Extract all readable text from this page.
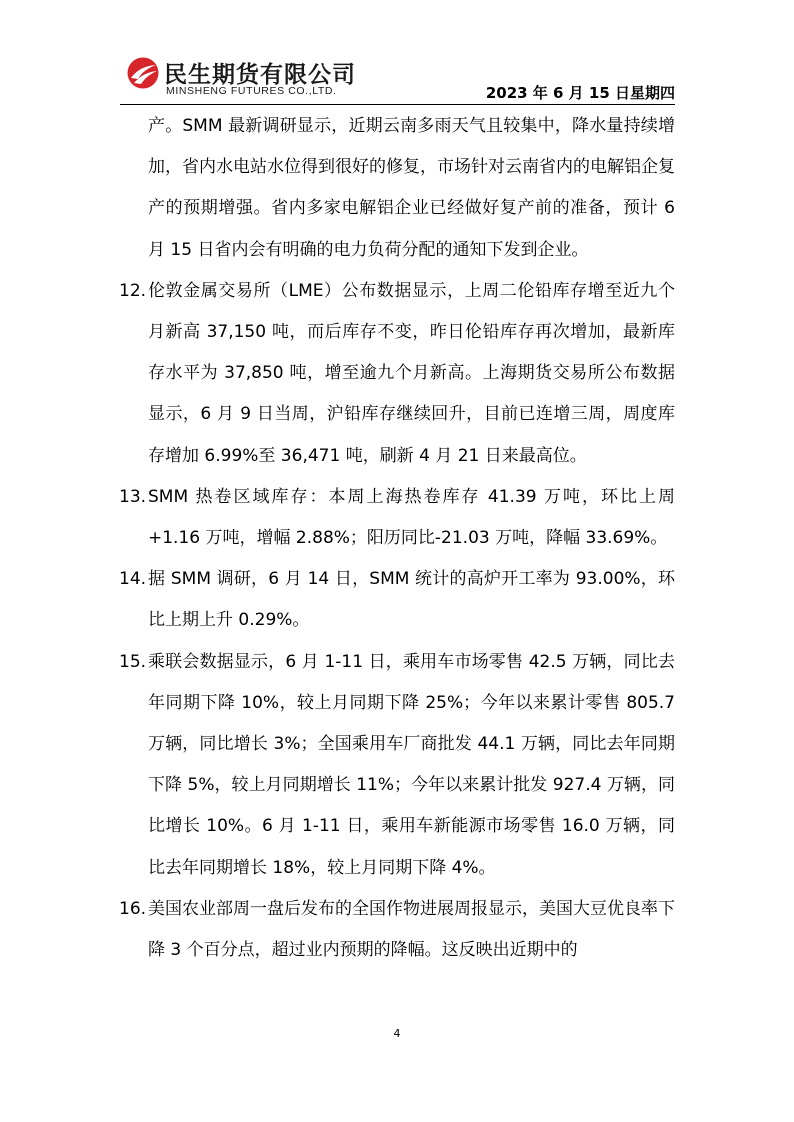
民生期货有限公司
MINSHENG FUTURES CO.,LTD.	2023 年 6 月 15 日星期四
产。SMM 最新调研显示，近期云南多雨天气且较集中，降水量持续增加，省内水电站水位得到很好的修复，市场针对云南省内的电解铝企复产的预期增强。省内多家电解铝企业已经做好复产前的准备，预计 6 月 15 日省内会有明确的电力负荷分配的通知下发到企业。
12. 伦敦金属交易所（LME）公布数据显示，上周二伦铅库存增至近九个月新高 37,150 吨，而后库存不变，昨日伦铅库存再次增加，最新库存水平为 37,850 吨，增至逾九个月新高。上海期货交易所公布数据显示，6 月 9 日当周，沪铅库存继续回升，目前已连增三周，周度库存增加 6.99%至 36,471 吨，刷新 4 月 21 日来最高位。
13. SMM 热卷区域库存：本周上海热卷库存 41.39 万吨，环比上周+1.16 万吨，增幅 2.88%；阳历同比-21.03 万吨，降幅 33.69%。
14. 据 SMM 调研，6 月 14 日，SMM 统计的高炉开工率为 93.00%，环比上期上升 0.29%。
15. 乘联会数据显示，6 月 1-11 日，乘用车市场零售 42.5 万辆，同比去年同期下降 10%，较上月同期下降 25%；今年以来累计零售 805.7 万辆，同比增长 3%；全国乘用车厂商批发 44.1 万辆，同比去年同期下降 5%，较上月同期增长 11%；今年以来累计批发 927.4 万辆，同比增长 10%。6 月 1-11 日，乘用车新能源市场零售 16.0 万辆，同比去年同期增长 18%，较上月同期下降 4%。
16. 美国农业部周一盘后发布的全国作物进展周报显示，美国大豆优良率下降 3 个百分点，超过业内预期的降幅。这反映出近期中的
4
